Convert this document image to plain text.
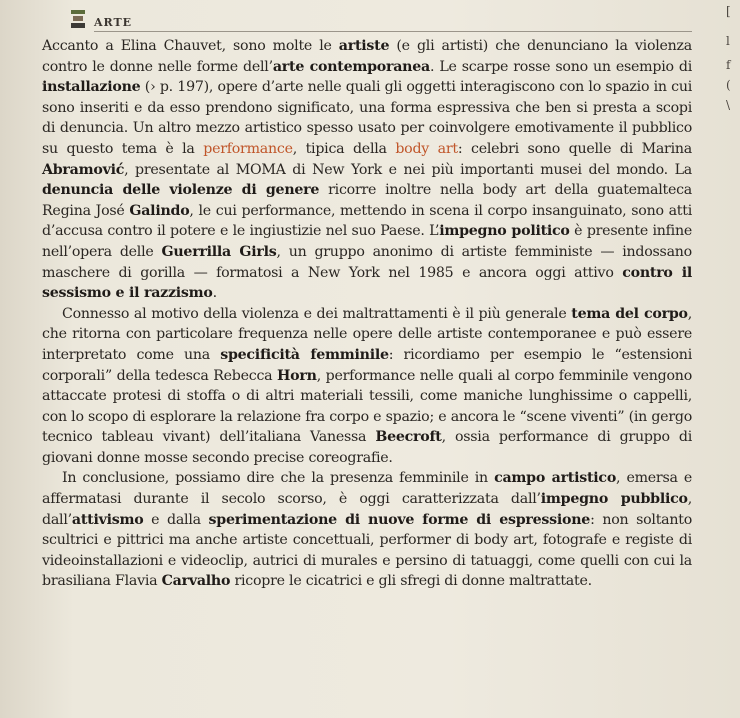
ARTE

Accanto a Elina Chauvet, sono molte le artiste (e gli artisti) che denunciano la violenza contro le donne nelle forme dell’arte contemporanea. Le scarpe rosse sono un esempio di installazione (› p. 197), opere d’arte nelle quali gli oggetti interagiscono con lo spazio in cui sono inseriti e da esso prendono significato, una forma espressiva che ben si presta a scopi di denuncia. Un altro mezzo artistico spesso usato per coinvolgere emotivamente il pubblico su questo tema è la performance, tipica della body art: celebri sono quelle di Marina Abramović, presentate al MOMA di New York e nei più importanti musei del mondo. La denuncia delle violenze di genere ricorre inoltre nella body art della guatemalteca Regina José Galindo, le cui performance, mettendo in scena il corpo insanguinato, sono atti d’accusa contro il potere e le ingiustizie nel suo Paese. L’impegno politico è presente infine nell’opera delle Guerrilla Girls, un gruppo anonimo di artiste femministe — indossano maschere di gorilla — formatosi a New York nel 1985 e ancora oggi attivo contro il sessismo e il razzismo.

Connesso al motivo della violenza e dei maltrattamenti è il più generale tema del corpo, che ritorna con particolare frequenza nelle opere delle artiste contemporanee e può essere interpretato come una specificità femminile: ricordiamo per esempio le “estensioni corporali” della tedesca Rebecca Horn, performance nelle quali al corpo femminile vengono attaccate protesi di stoffa o di altri materiali tessili, come maniche lunghissime o cappelli, con lo scopo di esplorare la relazione fra corpo e spazio; e ancora le “scene viventi” (in gergo tecnico tableau vivant) dell’italiana Vanessa Beecroft, ossia performance di gruppo di giovani donne mosse secondo precise coreografie.

In conclusione, possiamo dire che la presenza femminile in campo artistico, emersa e affermatasi durante il secolo scorso, è oggi caratterizzata dall’impegno pubblico, dall’attivismo e dalla sperimentazione di nuove forme di espressione: non soltanto scultrici e pittrici ma anche artiste concettuali, performer di body art, fotografe e registe di videoinstallazioni e videoclip, autrici di murales e persino di tatuaggi, come quelli con cui la brasiliana Flavia Carvalho ricopre le cicatrici e gli sfregi di donne maltrattate.

[
l
f
(
\
